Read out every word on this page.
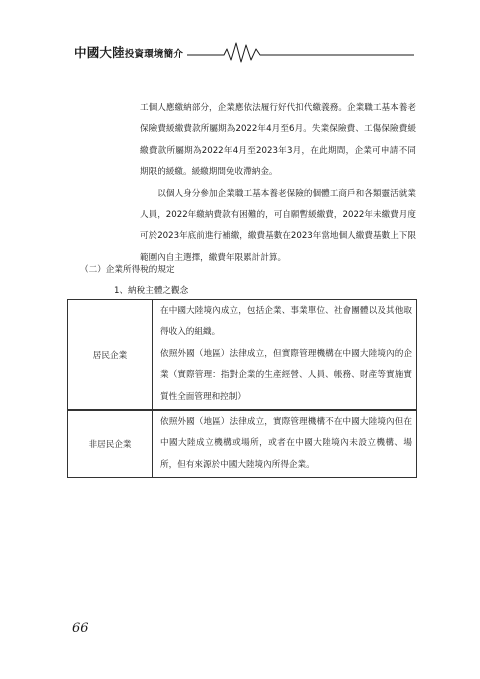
中國大陸投資環境簡介

工個人應繳納部分，企業應依法履行好代扣代繳義務。企業職工基本養老保險費緩繳費款所屬期為2022年4月至6月。失業保險費、工傷保險費緩繳費款所屬期為2022年4月至2023年3月，在此期間，企業可申請不同期限的緩繳。緩繳期間免收滯納金。

以個人身分參加企業職工基本養老保險的個體工商戶和各類靈活就業人員，2022年繳納費款有困難的，可自願暫緩繳費，2022年未繳費月度可於2023年底前進行補繳，繳費基數在2023年當地個人繳費基數上下限範圍內自主選擇，繳費年限累計計算。

（二）企業所得稅的規定
1、納稅主體之觀念
居民企業	在中國大陸境內成立，包括企業、事業單位、社會團體以及其他取得收入的組織。

依照外國（地區）法律成立，但實際管理機構在中國大陸境內的企業（實際管理：指對企業的生產經營、人員、帳務、財產等實施實質性全面管理和控制）

非居民企業	依照外國（地區）法律成立，實際管理機構不在中國大陸境內但在中國大陸成立機構或場所，或者在中國大陸境內未設立機構、場所，但有來源於中國大陸境內所得企業。

66
